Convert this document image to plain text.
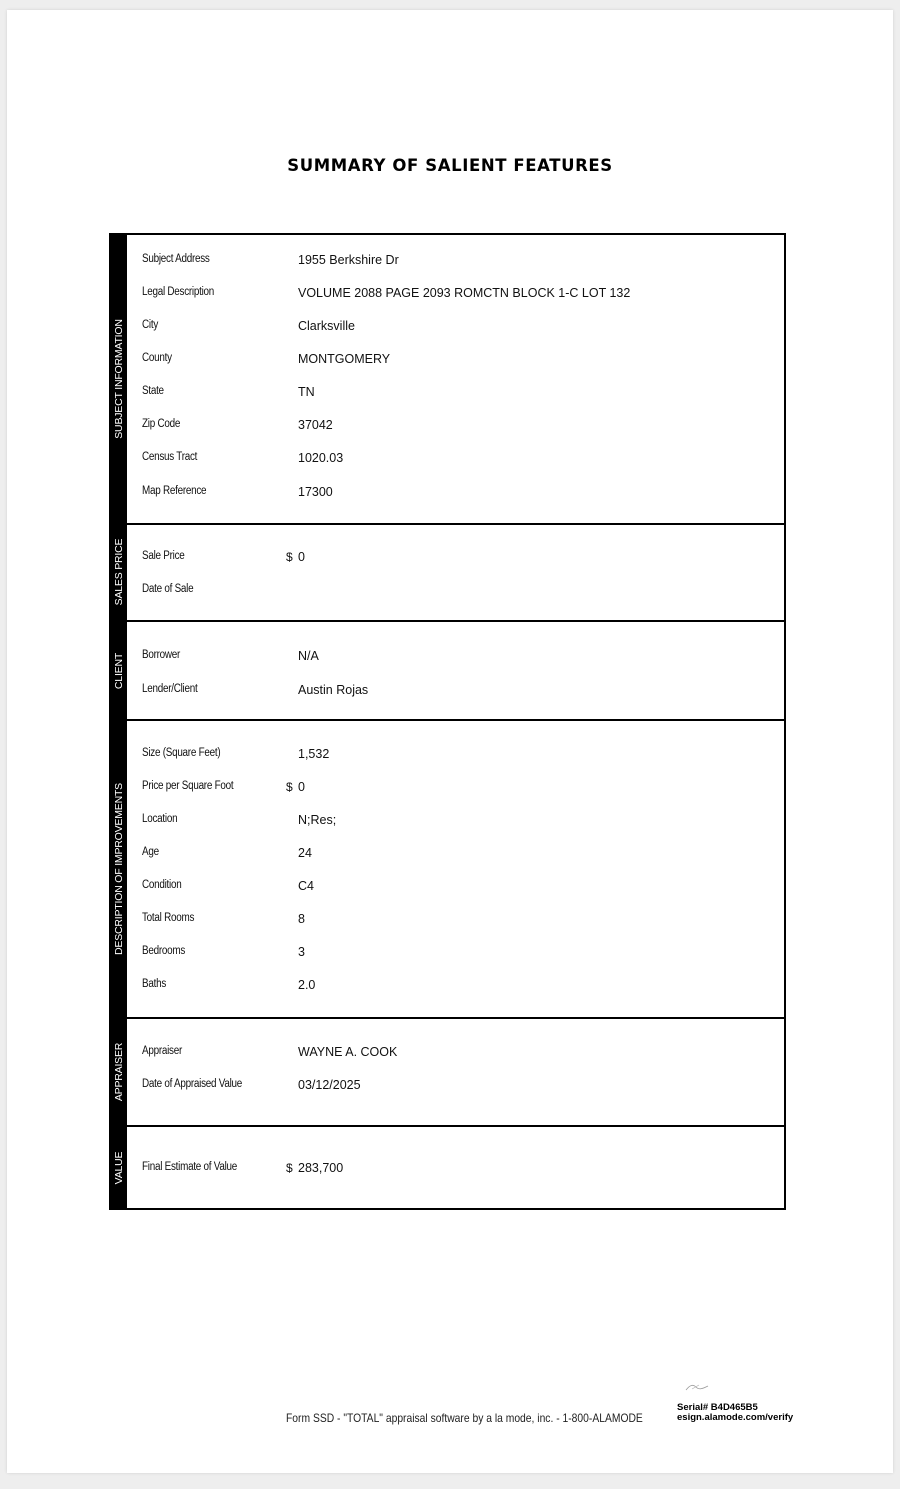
SUMMARY OF SALIENT FEATURES
SUBJECT INFORMATION
Subject Address	1955 Berkshire Dr
Legal Description	VOLUME 2088 PAGE 2093 ROMCTN BLOCK 1-C LOT 132
City	Clarksville
County	MONTGOMERY
State	TN
Zip Code	37042
Census Tract	1020.03
Map Reference	17300
SALES PRICE Sale Price	$ 0
Date of Sale
CLIENT Borrower	N/A
Lender/Client	Austin Rojas
DESCRIPTION OF IMPROVEMENTS
Size (Square Feet)	1,532
Price per Square Foot	$ 0
Location	N;Res;
Age	24
Condition	C4
Total Rooms	8
Bedrooms	3
Baths	2.0
APPRAISER Appraiser	WAYNE A. COOK
Date of Appraised Value	03/12/2025
VALUE Final Estimate of Value	$ 283,700
Form SSD - "TOTAL" appraisal software by a la mode, inc. - 1-800-ALAMODE
Serial# B4D465B5
esign.alamode.com/verify
